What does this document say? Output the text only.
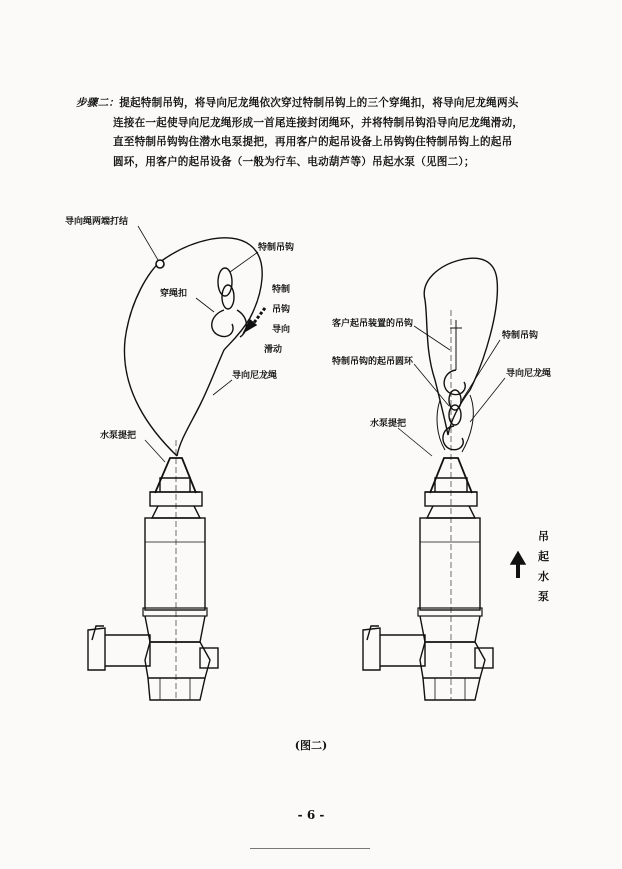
步骤二：提起特制吊钩，将导向尼龙绳依次穿过特制吊钩上的三个穿绳扣，将导向尼龙绳两头
连接在一起使导向尼龙绳形成一首尾连接封闭绳环，并将特制吊钩沿导向尼龙绳滑动，
直至特制吊钩钩住潜水电泵提把，再用客户的起吊设备上吊钩钩住特制吊钩上的起吊
圆环，用客户的起吊设备（一般为行车、电动葫芦等）吊起水泵（见图二）；
导向绳两端打结
特制吊钩
穿绳扣	特制
吊钩
导向
滑动
导向尼龙绳
水泵提把
客户起吊装置的吊钩
特制吊钩
特制吊钩的起吊圆环
导向尼龙绳
水泵提把
吊
起
水
泵
(图二)
- 6 -
